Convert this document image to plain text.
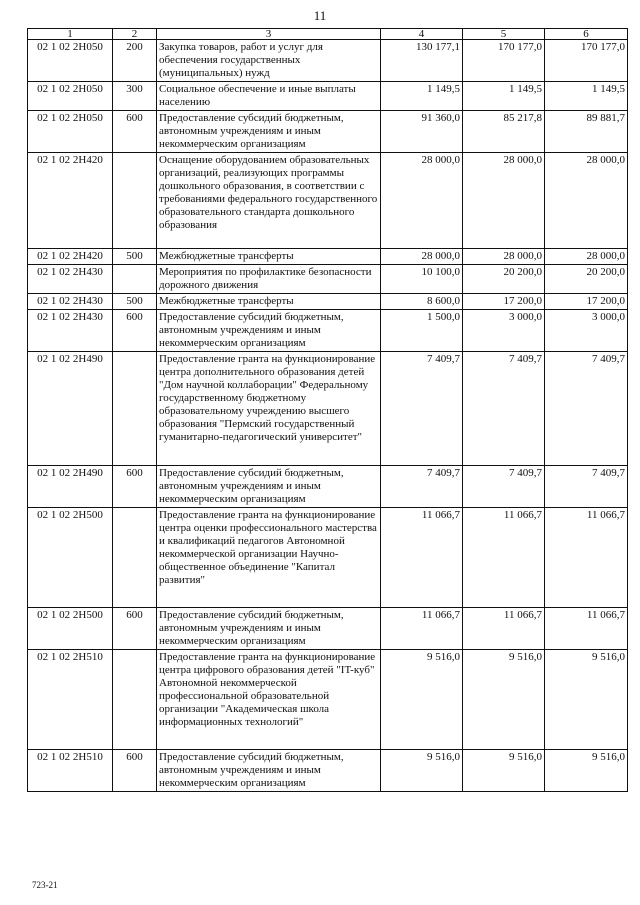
11
1	2	3	4	5	6
02 1 02 2Н050	200	Закупка товаров, работ и услуг для обеспечения государственных (муниципальных) нужд	130 177,1	170 177,0	170 177,0
02 1 02 2Н050	300	Социальное обеспечение и иные выплаты населению	1 149,5	1 149,5	1 149,5
02 1 02 2Н050	600	Предоставление субсидий бюджетным, автономным учреждениям и иным некоммерческим организациям	91 360,0	85 217,8	89 881,7
02 1 02 2Н420		Оснащение оборудованием образовательных организаций, реализующих программы дошкольного образования, в соответствии с требованиями федерального государственного образовательного стандарта дошкольного образования	28 000,0	28 000,0	28 000,0
02 1 02 2Н420	500	Межбюджетные трансферты	28 000,0	28 000,0	28 000,0
02 1 02 2Н430		Мероприятия по профилактике безопасности дорожного движения	10 100,0	20 200,0	20 200,0
02 1 02 2Н430	500	Межбюджетные трансферты	8 600,0	17 200,0	17 200,0
02 1 02 2Н430	600	Предоставление субсидий бюджетным, автономным учреждениям и иным некоммерческим организациям	1 500,0	3 000,0	3 000,0
02 1 02 2Н490		Предоставление гранта на функционирование центра дополнительного образования детей "Дом научной коллаборации" Федеральному государственному бюджетному образовательному учреждению высшего образования "Пермский государственный гуманитарно-педагогический университет"	7 409,7	7 409,7	7 409,7
02 1 02 2Н490	600	Предоставление субсидий бюджетным, автономным учреждениям и иным некоммерческим организациям	7 409,7	7 409,7	7 409,7
02 1 02 2Н500		Предоставление гранта на функционирование центра оценки профессионального мастерства и квалификаций педагогов Автономной некоммерческой организации Научно-общественное объединение "Капитал развития"	11 066,7	11 066,7	11 066,7
02 1 02 2Н500	600	Предоставление субсидий бюджетным, автономным учреждениям и иным некоммерческим организациям	11 066,7	11 066,7	11 066,7
02 1 02 2Н510		Предоставление гранта на функционирование центра цифрового образования детей "IT-куб" Автономной некоммерческой профессиональной образовательной организации "Академическая школа информационных технологий"	9 516,0	9 516,0	9 516,0
02 1 02 2Н510	600	Предоставление субсидий бюджетным, автономным учреждениям и иным некоммерческим организациям	9 516,0	9 516,0	9 516,0
723-21
